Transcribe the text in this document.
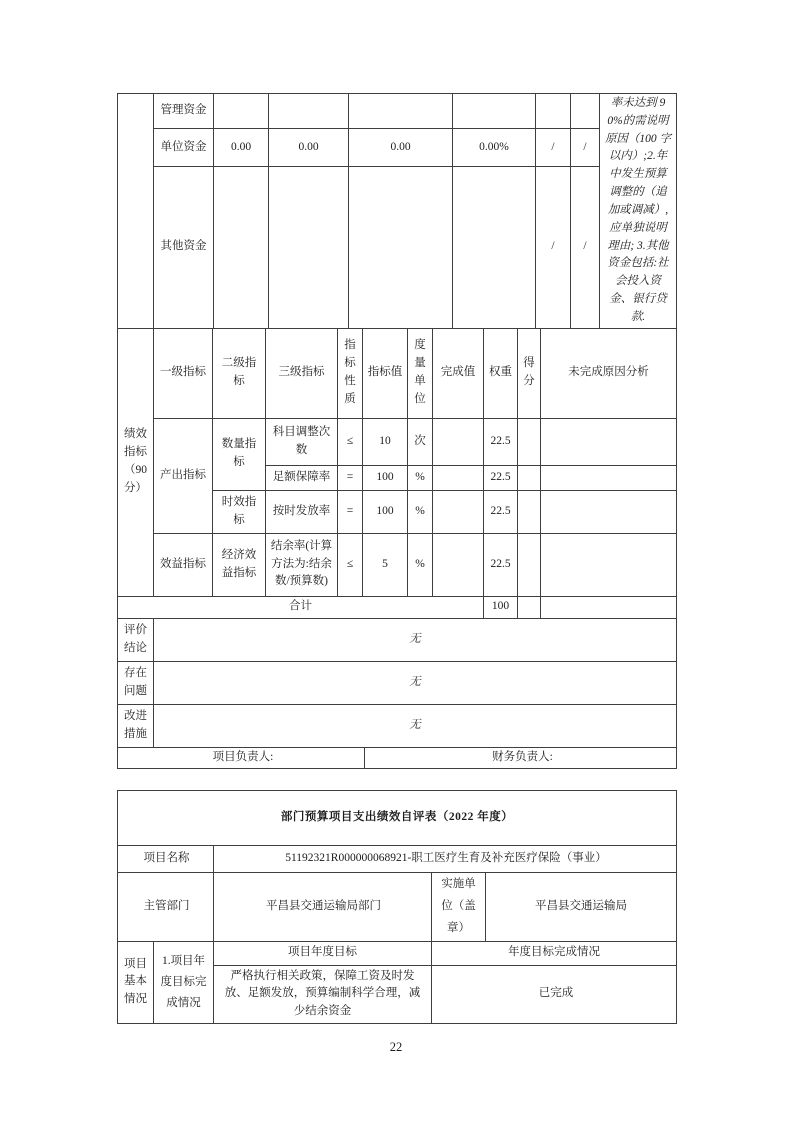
	管理资金							率未达到 90%的需说明原因（100 字以内）;2.年中发生预算调整的（追加或调减）,应单独说明理由; 3.其他资金包括:社会投入资金、银行贷款.
	单位资金	0.00	0.00	0.00	0.00%	/	/	
	其他资金					/	/	
绩效指标（90分）	一级指标	二级指标	三级指标	指标性质	指标值	度量单位	完成值	权重	得分	未完成原因分析
	产出指标	数量指标	科目调整次数	≤	10	次		22.5		
			足额保障率	=	100	%		22.5		
		时效指标	按时发放率	=	100	%		22.5		
	效益指标	经济效益指标	结余率(计算方法为:结余数/预算数)	≤	5	%		22.5		
合计								100		
评价结论	无
存在问题	无
改进措施	无
项目负责人:	财务负责人:
部门预算项目支出绩效自评表（2022 年度）				
项目名称		51192321R000000068921-职工医疗生育及补充医疗保险（事业）		
主管部门		平昌县交通运输局部门	实施单位（盖章）	平昌县交通运输局
项目基本情况	1.项目年度目标完成情况	项目年度目标	年度目标完成情况	
		严格执行相关政策，保障工资及时发放、足额发放，预算编制科学合理，减少结余资金	已完成	
22
